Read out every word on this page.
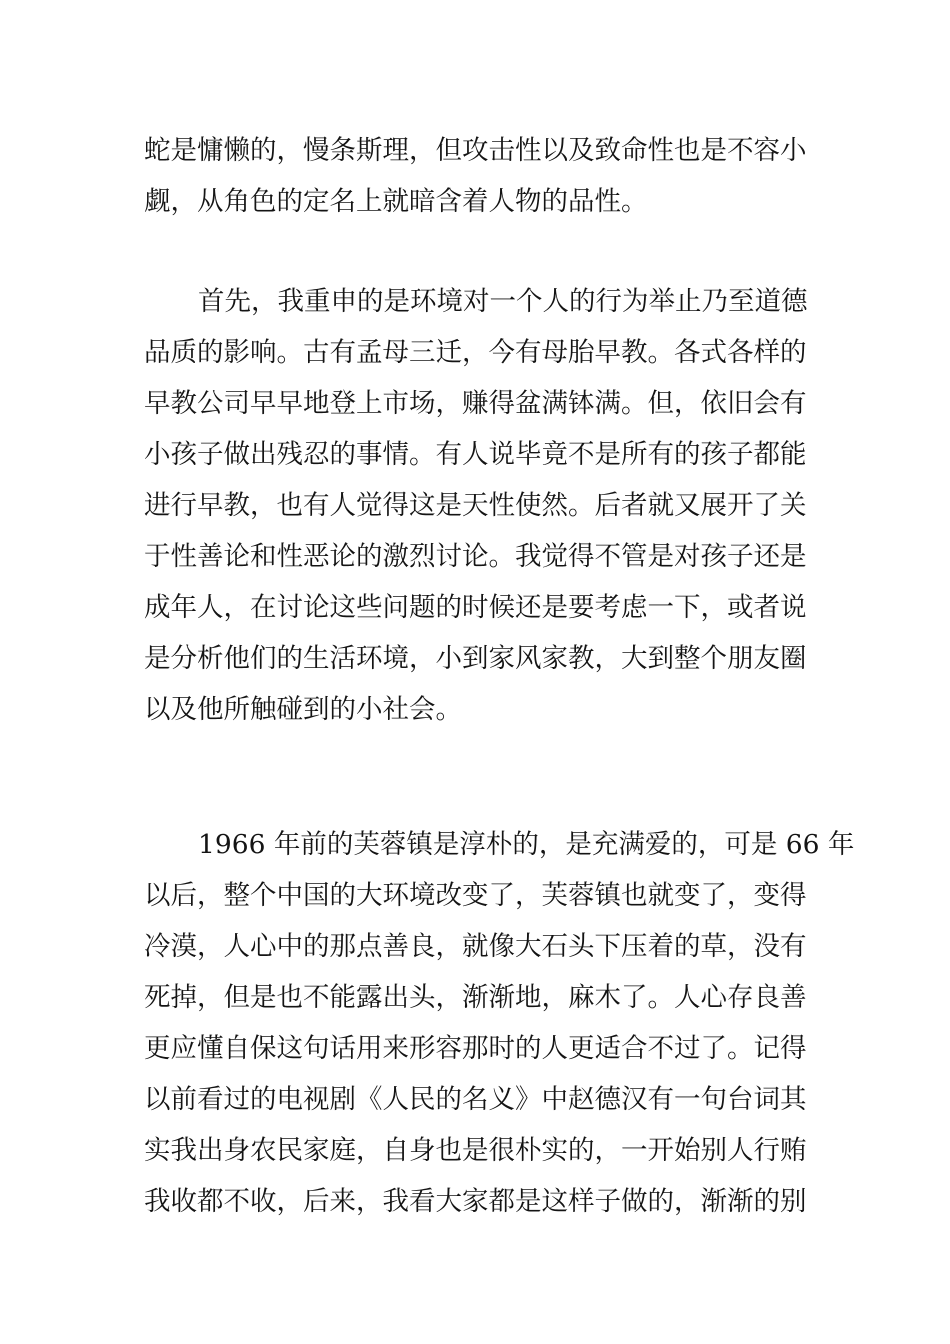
蛇是慵懒的，慢条斯理，但攻击性以及致命性也是不容小
觑，从角色的定名上就暗含着人物的品性。
首先，我重申的是环境对一个人的行为举止乃至道德
品质的影响。古有孟母三迁，今有母胎早教。各式各样的
早教公司早早地登上市场，赚得盆满钵满。但，依旧会有
小孩子做出残忍的事情。有人说毕竟不是所有的孩子都能
进行早教，也有人觉得这是天性使然。后者就又展开了关
于性善论和性恶论的激烈讨论。我觉得不管是对孩子还是
成年人，在讨论这些问题的时候还是要考虑一下，或者说
是分析他们的生活环境，小到家风家教，大到整个朋友圈
以及他所触碰到的小社会。
1966 年前的芙蓉镇是淳朴的，是充满爱的，可是 66 年
以后，整个中国的大环境改变了，芙蓉镇也就变了，变得
冷漠，人心中的那点善良，就像大石头下压着的草，没有
死掉，但是也不能露出头，渐渐地，麻木了。人心存良善
更应懂自保这句话用来形容那时的人更适合不过了。记得
以前看过的电视剧《人民的名义》中赵德汉有一句台词其
实我出身农民家庭，自身也是很朴实的，一开始别人行贿
我收都不收，后来，我看大家都是这样子做的，渐渐的别
